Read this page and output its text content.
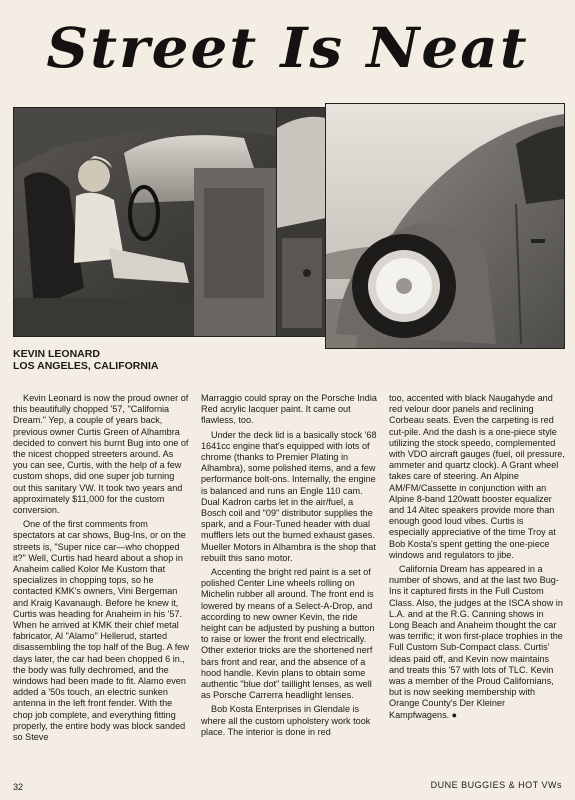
Street Is Neat
KEVIN LEONARD
LOS ANGELES, CALIFORNIA

Kevin Leonard is now the proud owner of this beautifully chopped '57, "California Dream." Yep, a couple of years back, previous owner Curtis Green of Alhambra decided to convert his burnt Bug into one of the nicest chopped streeters around. As you can see, Curtis, with the help of a few custom shops, did one super job turning out this sanitary VW. It took two years and approximately $11,000 for the custom conversion.

One of the first comments from spectators at car shows, Bug-Ins, or on the streets is, "Super nice car—who chopped it?" Well, Curtis had heard about a shop in Anaheim called Kolor Me Kustom that specializes in chopping tops, so he contacted KMK's owners, Vini Bergeman and Kraig Kavanaugh. Before he knew it, Curtis was heading for Anaheim in his '57. When he arrived at KMK their chief metal fabricator, Al "Alamo" Hellerud, started disassembling the top half of the Bug. A few days later, the car had been chopped 6 in., the body was fully dechromed, and the windows had been made to fit. Alamo even added a '50s touch, an electric sunken antenna in the left front fender. With the chop job complete, and everything fitting properly, the entire body was block sanded so Steve

Marraggio could spray on the Porsche India Red acrylic lacquer paint. It came out flawless, too.

Under the deck lid is a basically stock '68 1641cc engine that's equipped with lots of chrome (thanks to Premier Plating in Alhambra), some polished items, and a few performance bolt-ons. Internally, the engine is balanced and runs an Engle 110 cam. Dual Kadron carbs let in the air/fuel, a Bosch coil and "09" distributor supplies the spark, and a Four-Tuned header with dual mufflers lets out the burned exhaust gases. Mueller Motors in Alhambra is the shop that rebuilt this sano motor.

Accenting the bright red paint is a set of polished Center Line wheels rolling on Michelin rubber all around. The front end is lowered by means of a Select-A-Drop, and according to new owner Kevin, the ride height can be adjusted by pushing a button to raise or lower the front end electrically. Other exterior tricks are the shortened nerf bars front and rear, and the absence of a hood handle. Kevin plans to obtain some authentic "blue dot" taillight lenses, as well as Porsche Carrerra headlight lenses.

Bob Kosta Enterprises in Glendale is where all the custom upholstery work took place. The interior is done in red

too, accented with black Naugahyde and red velour door panels and reclining Corbeau seats. Even the carpeting is red cut-pile. And the dash is a one-piece style utilizing the stock speedo, complemented with VDO aircraft gauges (fuel, oil pressure, ammeter and quartz clock). A Grant wheel takes care of steering. An Alpine AM/FM/Cassette in conjunction with an Alpine 8-band 120watt booster equalizer and 14 Altec speakers provide more than enough good loud vibes. Curtis is especially appreciative of the time Troy at Bob Kosta's spent getting the one-piece windows and regulators to jibe.

California Dream has appeared in a number of shows, and at the last two Bug-Ins it captured firsts in the Full Custom Class. Also, the judges at the ISCA show in L.A. and at the R.G. Canning shows in Long Beach and Anaheim thought the car was terrific; it won first-place trophies in the Full Custom Sub-Compact class. Curtis' ideas paid off, and Kevin now maintains and treats this '57 with lots of TLC. Kevin was a member of the Proud Californians, but is now seeking membership with Orange County's Der Kleiner Kampfwagens. ●

32	DUNE BUGGIES & HOT VWs
